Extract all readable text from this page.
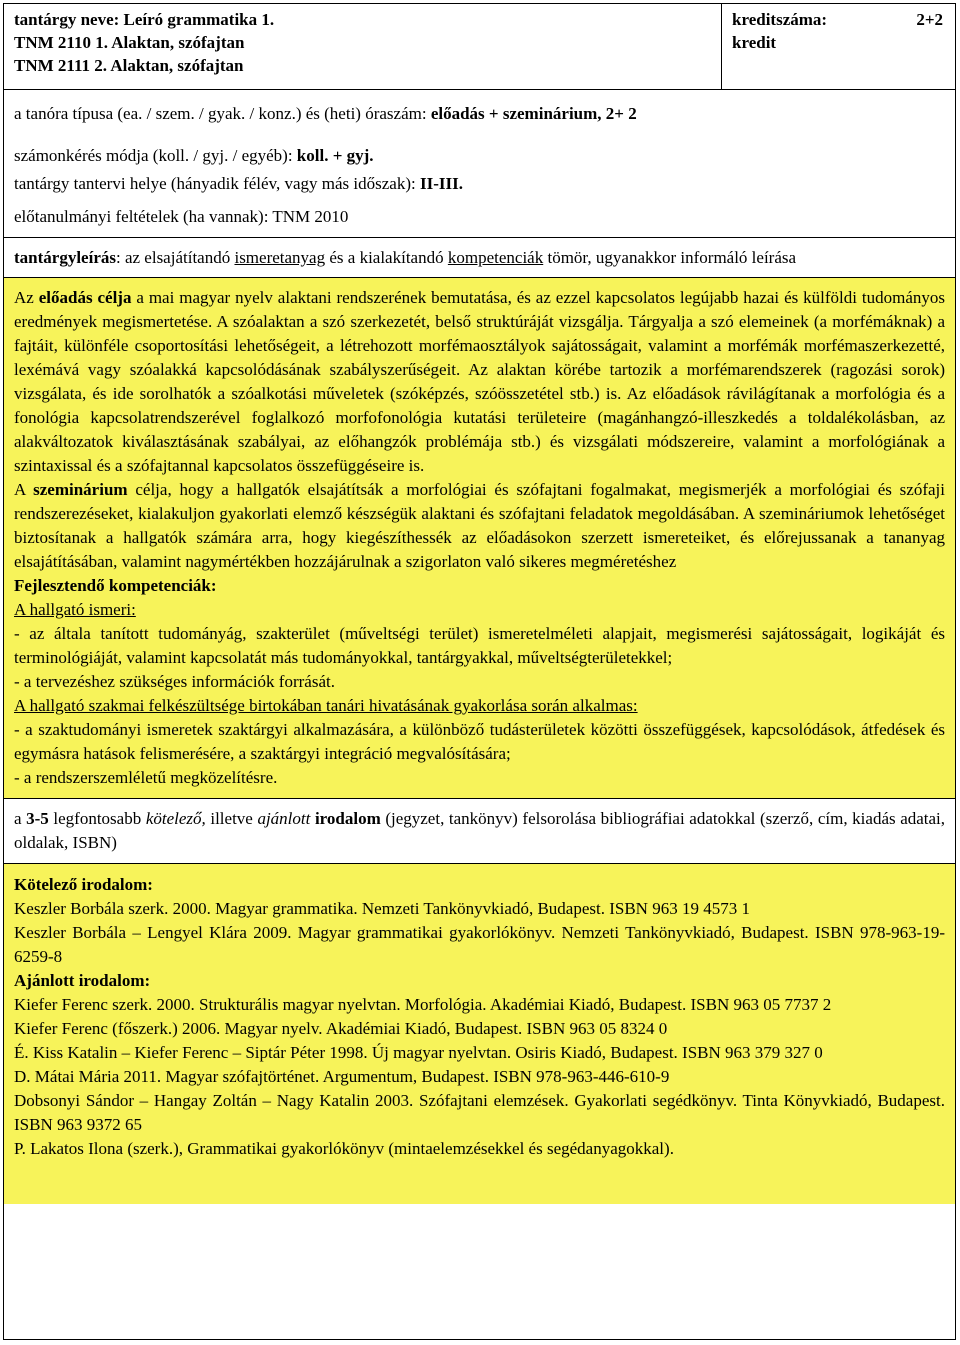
tantárgy neve: Leíró grammatika 1.
TNM 2110 1. Alaktan, szófajtan
TNM 2111 2. Alaktan, szófajtan
kreditszáma:
kredit
2+2
a tanóra típusa (ea. / szem. / gyak. / konz.) és (heti) óraszám: előadás + szeminárium, 2+ 2
számonkérés módja (koll. / gyj. / egyéb): koll. + gyj.
tantárgy tantervi helye (hányadik félév, vagy más időszak): II-III.
előtanulmányi feltételek (ha vannak): TNM 2010
tantárgyleírás: az elsajátítandó ismeretanyag és a kialakítandó kompetenciák tömör, ugyanakkor informáló leírása

Az előadás célja a mai magyar nyelv alaktani rendszerének bemutatása, és az ezzel kapcsolatos legújabb hazai és külföldi tudományos eredmények megismertetése. A szóalaktan a szó szerkezetét, belső struktúráját vizsgálja. Tárgyalja a szó elemeinek (a morfémáknak) a fajtáit, különféle csoportosítási lehetőségeit, a létrehozott morfémaosztályok sajátosságait, valamint a morfémák morfémaszerkezetté, lexémává vagy szóalakká kapcsolódásának szabályszerűségeit. Az alaktan körébe tartozik a morfémarendszerek (ragozási sorok) vizsgálata, és ide sorolhatók a szóalkotási műveletek (szóképzés, szóösszetétel stb.) is. Az előadások rávilágítanak a morfológia és a fonológia kapcsolatrendszerével foglalkozó morfofonológia kutatási területeire (magánhangzó-illeszkedés a toldalékolásban, az alakváltozatok kiválasztásának szabályai, az előhangzók problémája stb.) és vizsgálati módszereire, valamint a morfológiának a szintaxissal és a szófajtannal kapcsolatos összefüggéseire is.

A szeminárium célja, hogy a hallgatók elsajátítsák a morfológiai és szófajtani fogalmakat, megismerjék a morfológiai és szófaji rendszerezéseket, kialakuljon gyakorlati elemző készségük alaktani és szófajtani feladatok megoldásában. A szemináriumok lehetőséget biztosítanak a hallgatók számára arra, hogy kiegészíthessék az előadásokon szerzett ismereteiket, és előrejussanak a tananyag elsajátításában, valamint nagymértékben hozzájárulnak a szigorlaton való sikeres megméretéshez

Fejlesztendő kompetenciák:

A hallgató ismeri:

- az általa tanított tudományág, szakterület (műveltségi terület) ismeretelméleti alapjait, megismerési sajátosságait, logikáját és terminológiáját, valamint kapcsolatát más tudományokkal, tantárgyakkal, műveltségterületekkel;

- a tervezéshez szükséges információk forrását.

A hallgató szakmai felkészültsége birtokában tanári hivatásának gyakorlása során alkalmas:

- a szaktudományi ismeretek szaktárgyi alkalmazására, a különböző tudásterületek közötti összefüggések, kapcsolódások, átfedések és egymásra hatások felismerésére, a szaktárgyi integráció megvalósítására;

- a rendszerszemléletű megközelítésre.

a 3-5 legfontosabb kötelező, illetve ajánlott irodalom (jegyzet, tankönyv) felsorolása bibliográfiai adatokkal (szerző, cím, kiadás adatai, oldalak, ISBN)

Kötelező irodalom:

Keszler Borbála szerk. 2000. Magyar grammatika. Nemzeti Tankönyvkiadó, Budapest. ISBN 963 19 4573 1

Keszler Borbála – Lengyel Klára 2009. Magyar grammatikai gyakorlókönyv. Nemzeti Tankönyvkiadó, Budapest. ISBN 978-963-19-6259-8

Ajánlott irodalom:

Kiefer Ferenc szerk. 2000. Strukturális magyar nyelvtan. Morfológia. Akadémiai Kiadó, Budapest. ISBN 963 05 7737 2

Kiefer Ferenc (főszerk.) 2006. Magyar nyelv. Akadémiai Kiadó, Budapest. ISBN 963 05 8324 0

É. Kiss Katalin – Kiefer Ferenc – Siptár Péter 1998. Új magyar nyelvtan. Osiris Kiadó, Budapest. ISBN 963 379 327 0

D. Mátai Mária 2011. Magyar szófajtörténet. Argumentum, Budapest. ISBN 978-963-446-610-9

Dobsonyi Sándor – Hangay Zoltán – Nagy Katalin 2003. Szófajtani elemzések. Gyakorlati segédkönyv. Tinta Könyvkiadó, Budapest. ISBN 963 9372 65

P. Lakatos Ilona (szerk.), Grammatikai gyakorlókönyv (mintaelemzésekkel és segédanyagokkal).
